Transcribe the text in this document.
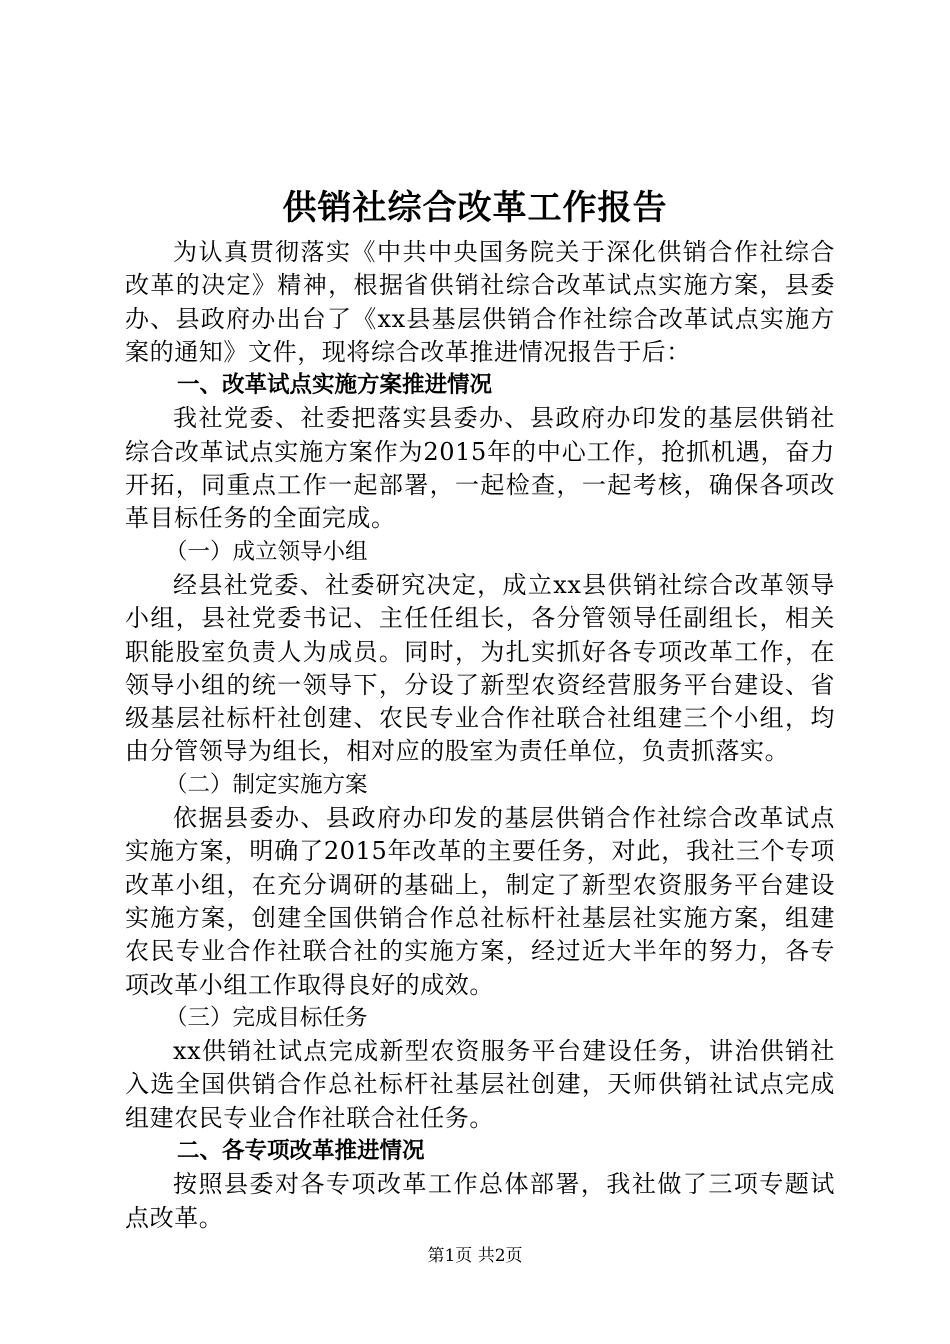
供销社综合改革工作报告

为认真贯彻落实《中共中央国务院关于深化供销合作社综合改革的决定》精神，根据省供销社综合改革试点实施方案，县委办、县政府办出台了《xx县基层供销合作社综合改革试点实施方案的通知》文件，现将综合改革推进情况报告于后：

一、改革试点实施方案推进情况

我社党委、社委把落实县委办、县政府办印发的基层供销社综合改革试点实施方案作为2015年的中心工作，抢抓机遇，奋力开拓，同重点工作一起部署，一起检查，一起考核，确保各项改革目标任务的全面完成。

（一）成立领导小组

经县社党委、社委研究决定，成立xx县供销社综合改革领导小组，县社党委书记、主任任组长，各分管领导任副组长，相关职能股室负责人为成员。同时，为扎实抓好各专项改革工作，在领导小组的统一领导下，分设了新型农资经营服务平台建设、省级基层社标杆社创建、农民专业合作社联合社组建三个小组，均由分管领导为组长，相对应的股室为责任单位，负责抓落实。

（二）制定实施方案

依据县委办、县政府办印发的基层供销合作社综合改革试点实施方案，明确了2015年改革的主要任务，对此，我社三个专项改革小组，在充分调研的基础上，制定了新型农资服务平台建设实施方案，创建全国供销合作总社标杆社基层社实施方案，组建农民专业合作社联合社的实施方案，经过近大半年的努力，各专项改革小组工作取得良好的成效。

（三）完成目标任务

xx供销社试点完成新型农资服务平台建设任务，讲治供销社入选全国供销合作总社标杆社基层社创建，天师供销社试点完成组建农民专业合作社联合社任务。

二、各专项改革推进情况

按照县委对各专项改革工作总体部署，我社做了三项专题试点改革。

第1页 共2页
